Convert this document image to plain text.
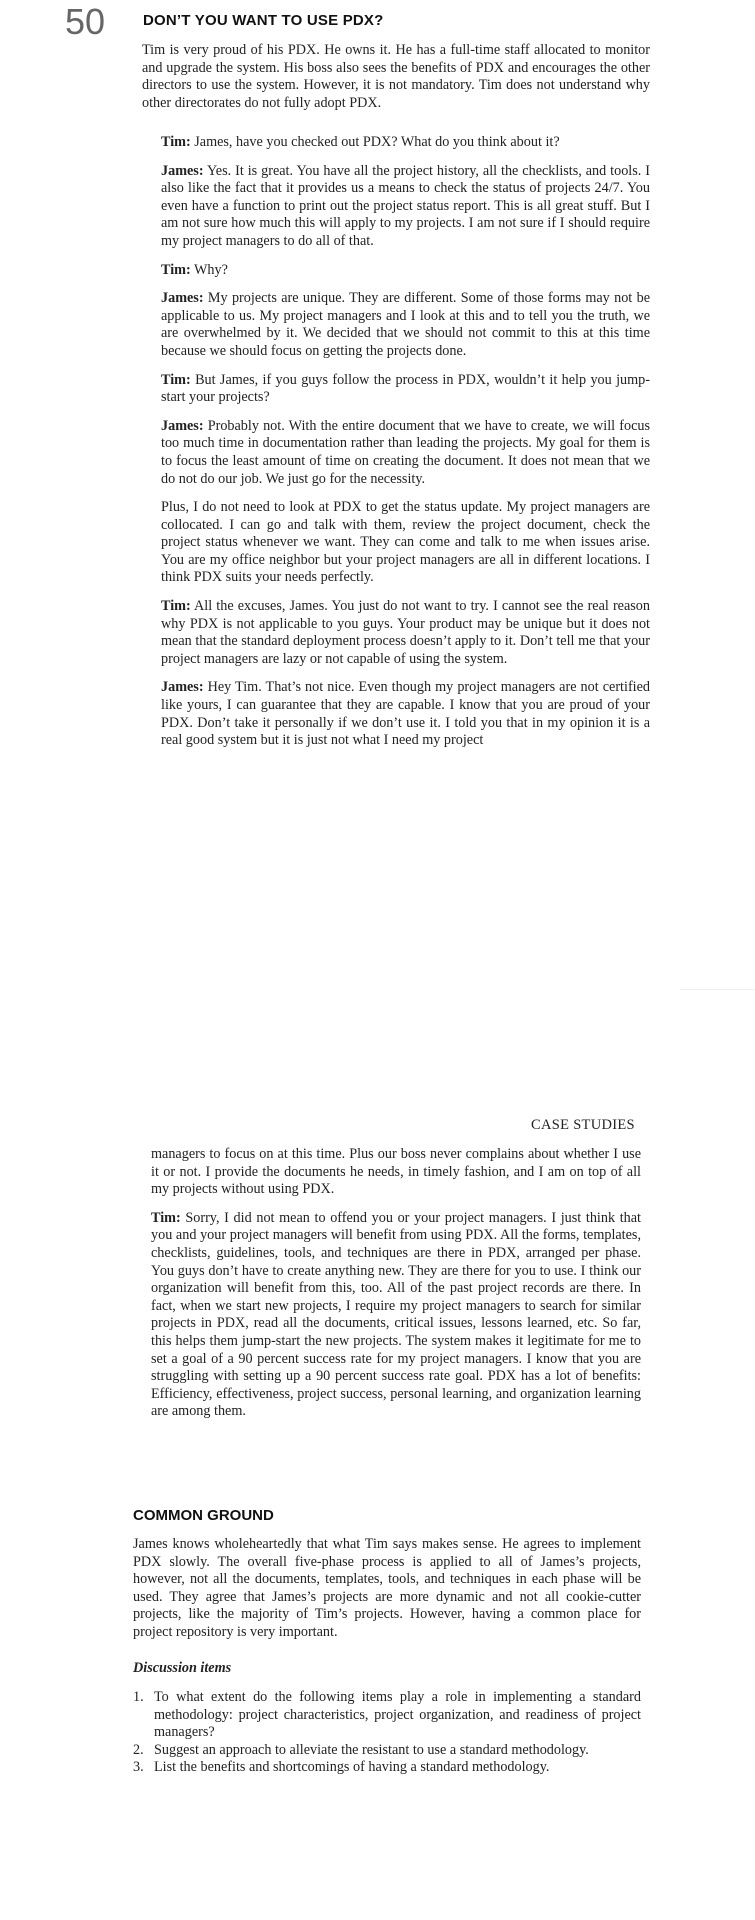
50	DON’T YOU WANT TO USE PDX?

Tim is very proud of his PDX. He owns it. He has a full-time staff allocated to monitor and upgrade the system. His boss also sees the benefits of PDX and encourages the other directors to use the system. However, it is not mandatory. Tim does not understand why other directorates do not fully adopt PDX.

Tim: James, have you checked out PDX? What do you think about it?

James: Yes. It is great. You have all the project history, all the checklists, and tools. I also like the fact that it provides us a means to check the status of projects 24/7. You even have a function to print out the project status report. This is all great stuff. But I am not sure how much this will apply to my projects. I am not sure if I should require my project managers to do all of that.

Tim: Why?

James: My projects are unique. They are different. Some of those forms may not be applicable to us. My project managers and I look at this and to tell you the truth, we are overwhelmed by it. We decided that we should not commit to this at this time because we should focus on getting the projects done.

Tim: But James, if you guys follow the process in PDX, wouldn’t it help you jump-start your projects?

James: Probably not. With the entire document that we have to create, we will focus too much time in documentation rather than leading the projects. My goal for them is to focus the least amount of time on creating the document. It does not mean that we do not do our job. We just go for the necessity.

Plus, I do not need to look at PDX to get the status update. My project managers are collocated. I can go and talk with them, review the project document, check the project status whenever we want. They can come and talk to me when issues arise. You are my office neighbor but your project managers are all in different locations. I think PDX suits your needs perfectly.

Tim: All the excuses, James. You just do not want to try. I cannot see the real reason why PDX is not applicable to you guys. Your product may be unique but it does not mean that the standard deployment process doesn’t apply to it. Don’t tell me that your project managers are lazy or not capable of using the system.

James: Hey Tim. That’s not nice. Even though my project managers are not certified like yours, I can guarantee that they are capable. I know that you are proud of your PDX. Don’t take it personally if we don’t use it. I told you that in my opinion it is a real good system but it is just not what I need my project

CASE STUDIES

managers to focus on at this time. Plus our boss never complains about whether I use it or not. I provide the documents he needs, in timely fashion, and I am on top of all my projects without using PDX.

Tim: Sorry, I did not mean to offend you or your project managers. I just think that you and your project managers will benefit from using PDX. All the forms, templates, checklists, guidelines, tools, and techniques are there in PDX, arranged per phase. You guys don’t have to create anything new. They are there for you to use. I think our organization will benefit from this, too. All of the past project records are there. In fact, when we start new projects, I require my project managers to search for similar projects in PDX, read all the documents, critical issues, lessons learned, etc. So far, this helps them jump-start the new projects. The system makes it legitimate for me to set a goal of a 90 percent success rate for my project managers. I know that you are struggling with setting up a 90 percent success rate goal. PDX has a lot of benefits: Efficiency, effectiveness, project success, personal learning, and organization learning are among them.

COMMON GROUND

James knows wholeheartedly that what Tim says makes sense. He agrees to implement PDX slowly. The overall five-phase process is applied to all of James’s projects, however, not all the documents, templates, tools, and techniques in each phase will be used. They agree that James’s projects are more dynamic and not all cookie-cutter projects, like the majority of Tim’s projects. However, having a common place for project repository is very important.

Discussion items
1. To what extent do the following items play a role in implementing a standard methodology: project characteristics, project organization, and readiness of project managers?
2. Suggest an approach to alleviate the resistant to use a standard methodology.
3. List the benefits and shortcomings of having a standard methodology.
